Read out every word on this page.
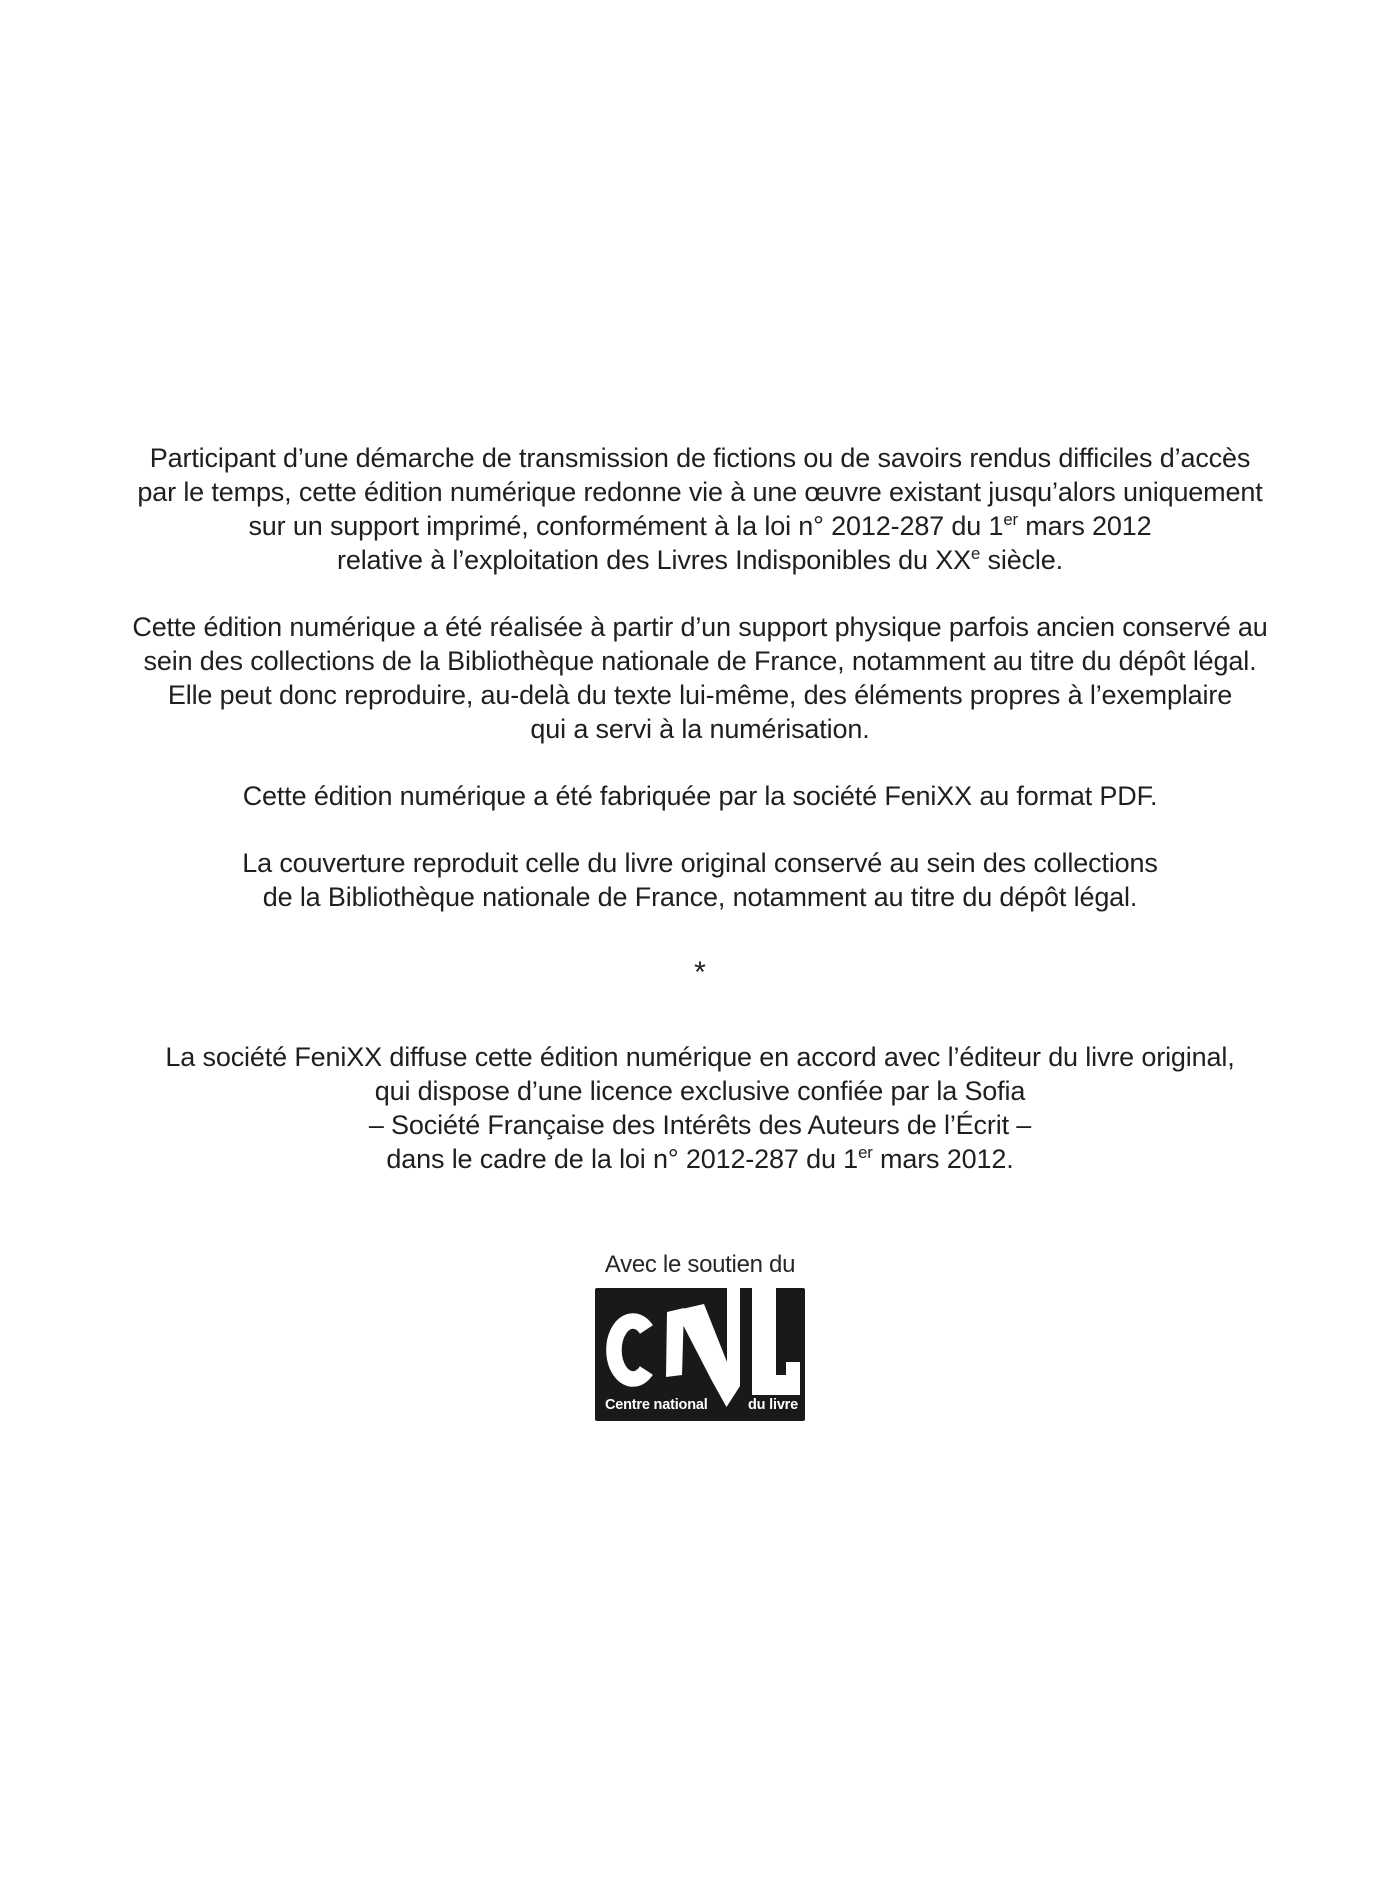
Participant d’une démarche de transmission de fictions ou de savoirs rendus difficiles d’accès
par le temps, cette édition numérique redonne vie à une œuvre existant jusqu’alors uniquement
sur un support imprimé, conformément à la loi n° 2012-287 du 1er mars 2012
relative à l’exploitation des Livres Indisponibles du XXe siècle.

Cette édition numérique a été réalisée à partir d’un support physique parfois ancien conservé au
sein des collections de la Bibliothèque nationale de France, notamment au titre du dépôt légal.
Elle peut donc reproduire, au-delà du texte lui-même, des éléments propres à l’exemplaire
qui a servi à la numérisation.

Cette édition numérique a été fabriquée par la société FeniXX au format PDF.

La couverture reproduit celle du livre original conservé au sein des collections
de la Bibliothèque nationale de France, notamment au titre du dépôt légal.

*

La société FeniXX diffuse cette édition numérique en accord avec l’éditeur du livre original,
qui dispose d’une licence exclusive confiée par la Sofia
– Société Française des Intérêts des Auteurs de l’Écrit –
dans le cadre de la loi n° 2012-287 du 1er mars 2012.

Avec le soutien du
Centre national	du livre
